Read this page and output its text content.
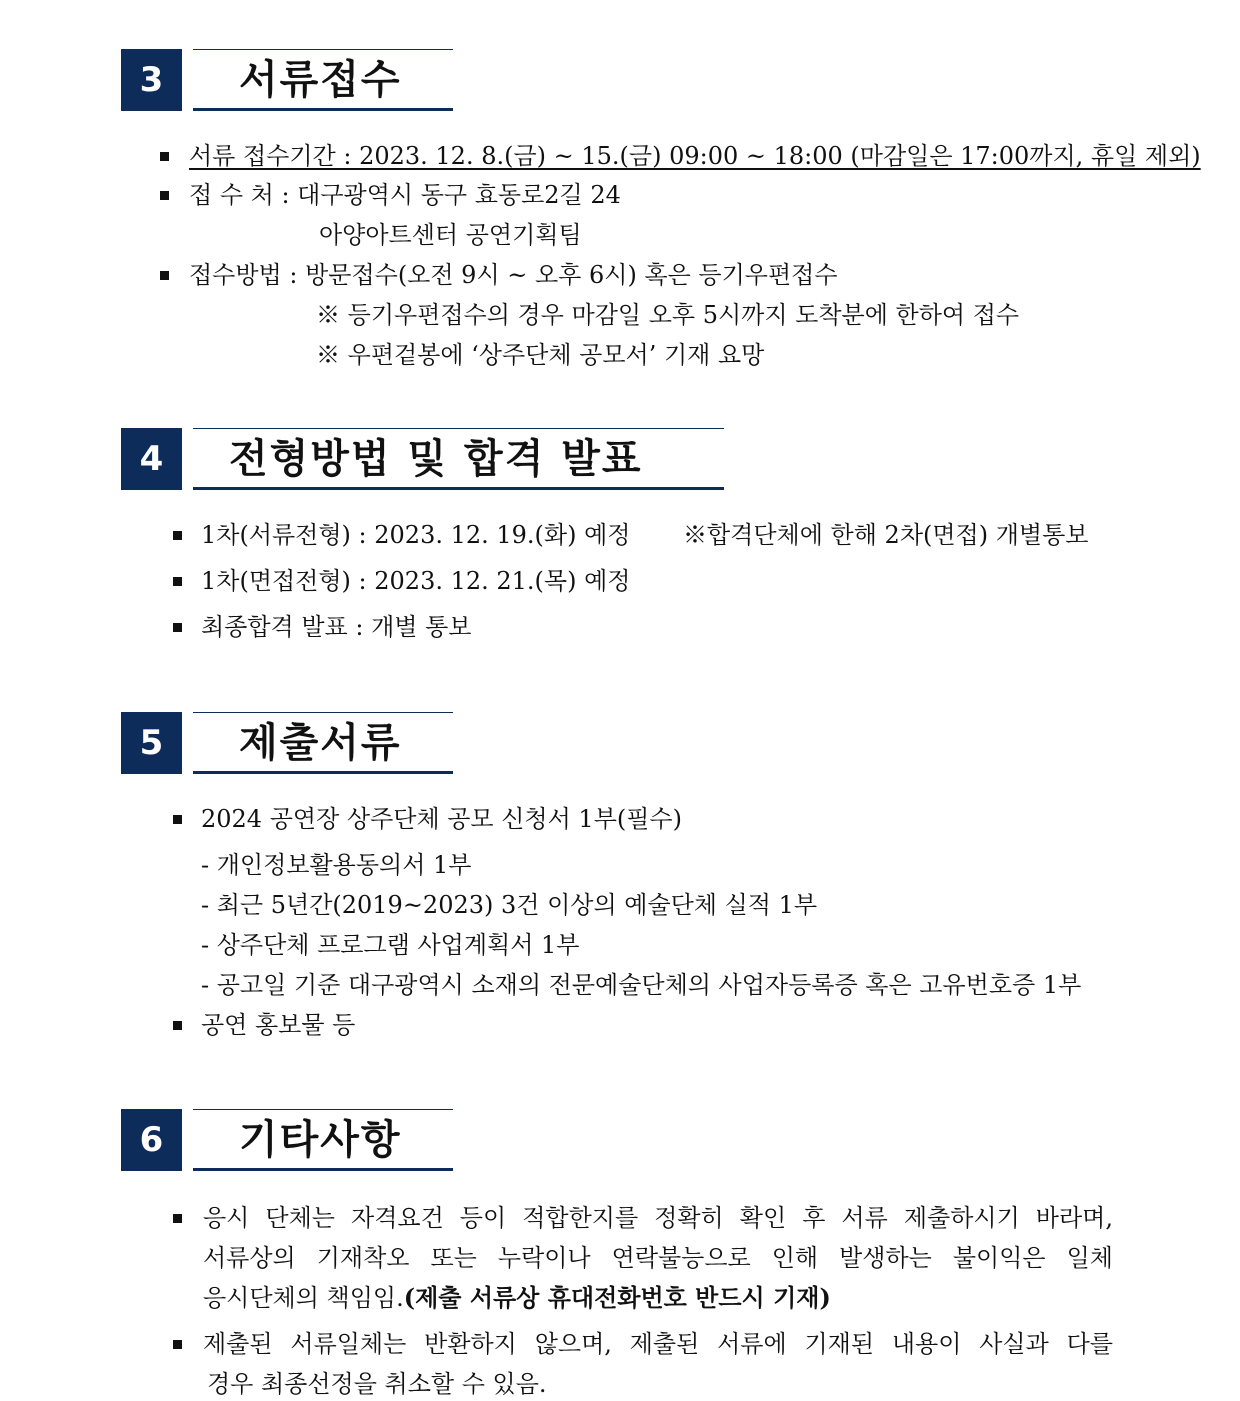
3	서류접수
서류 접수기간 : 2023. 12. 8.(금) ~ 15.(금) 09:00 ~ 18:00 (마감일은 17:00까지, 휴일 제외)
접 수 처 : 대구광역시 동구 효동로2길 24
아양아트센터 공연기획팀
접수방법 : 방문접수(오전 9시 ~ 오후 6시) 혹은 등기우편접수
※ 등기우편접수의 경우 마감일 오후 5시까지 도착분에 한하여 접수
※ 우편겉봉에 ‘상주단체 공모서’ 기재 요망
4	전형방법 및 합격 발표
1차(서류전형) : 2023. 12. 19.(화) 예정 ※합격단체에 한해 2차(면접) 개별통보
1차(면접전형) : 2023. 12. 21.(목) 예정
최종합격 발표 : 개별 통보
5	제출서류
2024 공연장 상주단체 공모 신청서 1부(필수)
- 개인정보활용동의서 1부
- 최근 5년간(2019~2023) 3건 이상의 예술단체 실적 1부
- 상주단체 프로그램 사업계획서 1부
- 공고일 기준 대구광역시 소재의 전문예술단체의 사업자등록증 혹은 고유번호증 1부
공연 홍보물 등
6	기타사항
응시 단체는 자격요건 등이 적합한지를 정확히 확인 후 서류 제출하시기 바라며,
서류상의 기재착오 또는 누락이나 연락불능으로 인해 발생하는 불이익은 일체
응시단체의 책임임.(제출 서류상 휴대전화번호 반드시 기재)
제출된 서류일체는 반환하지 않으며, 제출된 서류에 기재된 내용이 사실과 다를
경우 최종선정을 취소할 수 있음.
